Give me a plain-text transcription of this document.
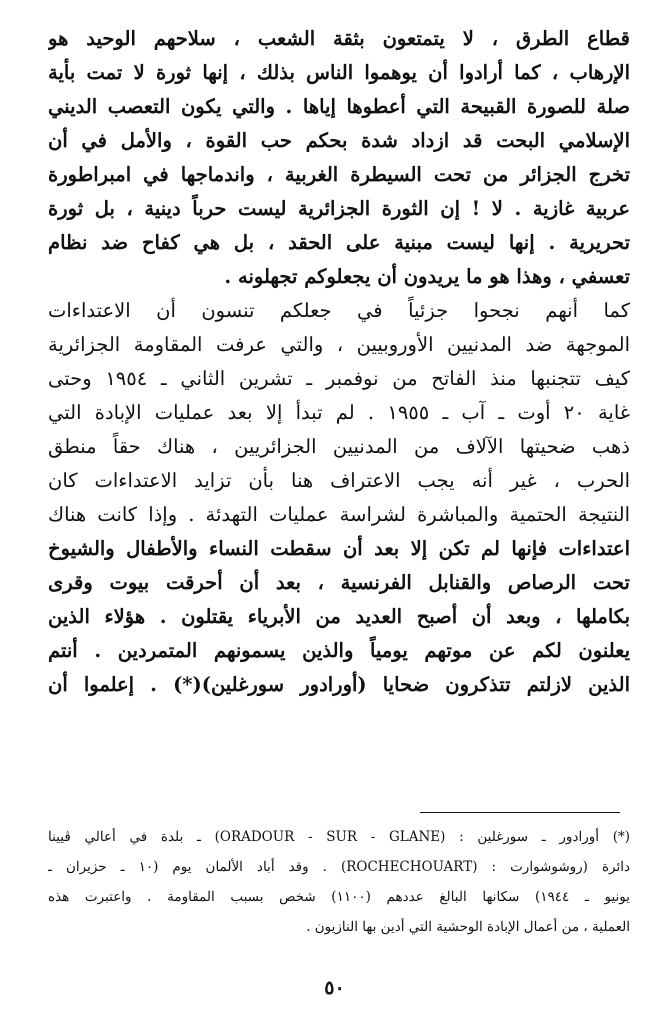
قطاع الطرق ، لا يتمتعون بثقة الشعب ، سلاحهم الوحيد هو
الإرهاب ، كما أرادوا أن يوهموا الناس بذلك ، إنها ثورة لا تمت بأية
صلة للصورة القبيحة التي أعطوها إياها . والتي يكون التعصب الديني
الإسلامي البحت قد ازداد شدة بحكم حب القوة ، والأمل في أن
تخرج الجزائر من تحت السيطرة الغربية ، واندماجها في امبراطورة
عربية غازية . لا ! إن الثورة الجزائرية ليست حرباً دينية ، بل ثورة
تحريرية . إنها ليست مبنية على الحقد ، بل هي كفاح ضد نظام
تعسفي ، وهذا هو ما يريدون أن يجعلوكم تجهلونه .
كما أنهم نجحوا جزئياً في جعلكم تنسون أن الاعتداءات
الموجهة ضد المدنيين الأوروبيين ، والتي عرفت المقاومة الجزائرية
كيف تتجنبها منذ الفاتح من نوفمبر ـ تشرين الثاني ـ ١٩٥٤ وحتى
غاية ٢٠ أوت ـ آب ـ ١٩٥٥ . لم تبدأ إلا بعد عمليات الإبادة التي
ذهب ضحيتها الآلاف من المدنيين الجزائريين ، هناك حقاً منطق
الحرب ، غير أنه يجب الاعتراف هنا بأن تزايد الاعتداءات كان
النتيجة الحتمية والمباشرة لشراسة عمليات التهدئة . وإذا كانت هناك
اعتداءات فإنها لم تكن إلا بعد أن سقطت النساء والأطفال والشيوخ
تحت الرصاص والقنابل الفرنسية ، بعد أن أحرقت بيوت وقرى
بكاملها ، وبعد أن أصبح العديد من الأبرياء يقتلون . هؤلاء الذين
يعلنون لكم عن موتهم يومياً والذين يسمونهم المتمردين . أنتم
الذين لازلتم تتذكرون ضحايا (أورادور سورغلين)(*) . إعلموا أن
(*) أورادور ـ سورغلين : (ORADOUR - SUR - GLANE) ـ بلدة في أعالي ڤيينا
دائرة (روشوشوارت : (ROCHECHOUART) . وقد أباد الألمان يوم (١٠ ـ حزيران ـ
يونيو ـ ١٩٤٤) سكانها البالغ عددهم (١١٠٠) شخص بسبب المقاومة . واعتبرت هذه
العملية ، من أعمال الإبادة الوحشية التي أدين بها النازيون .
٥٠
